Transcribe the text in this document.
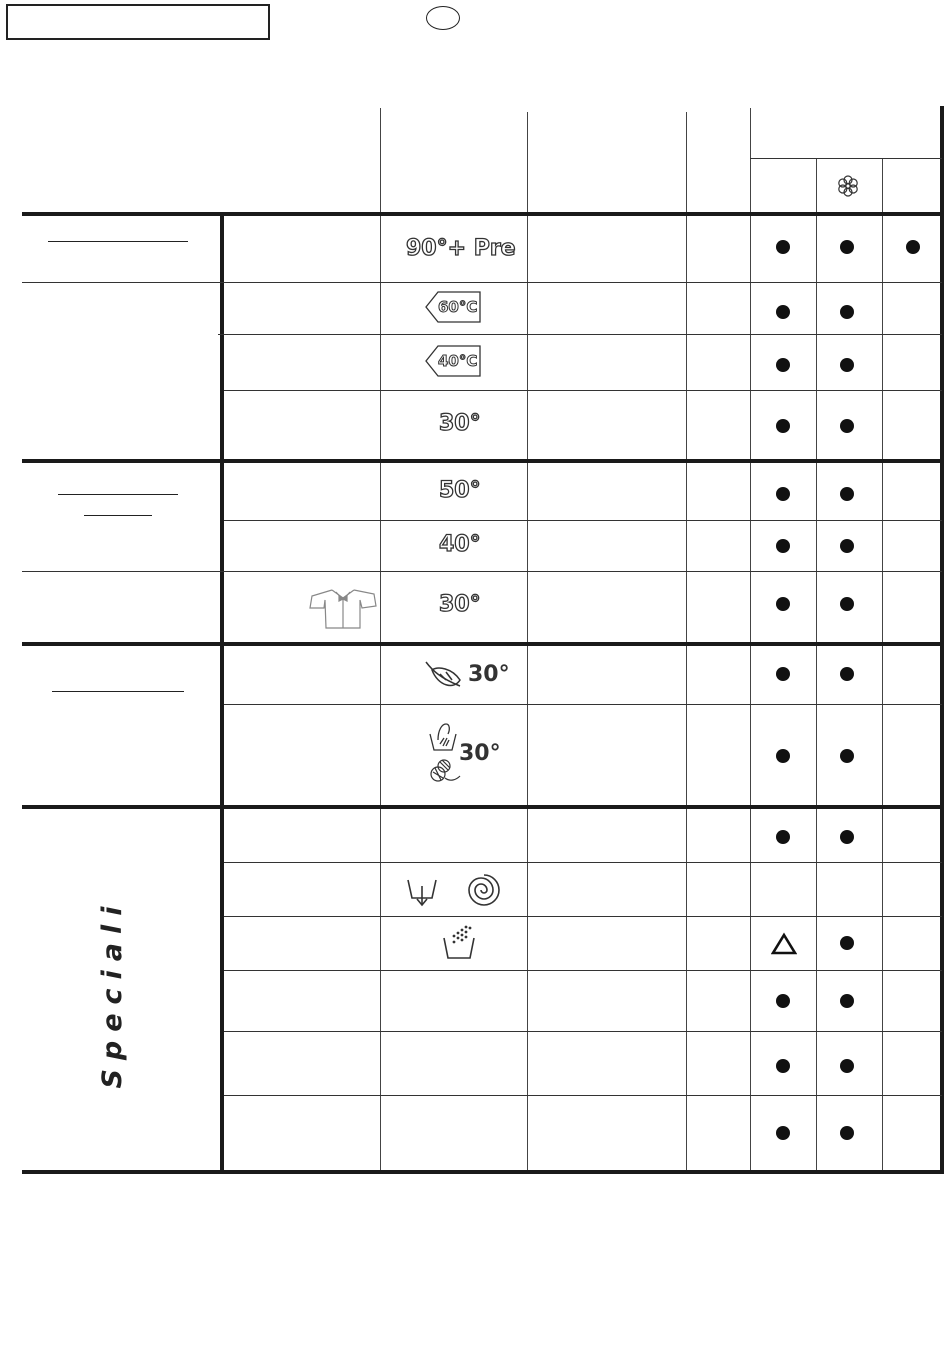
Speciali
90°+ Pre
60°C
40°C
30°
50°
40°
30°
30°
30°
